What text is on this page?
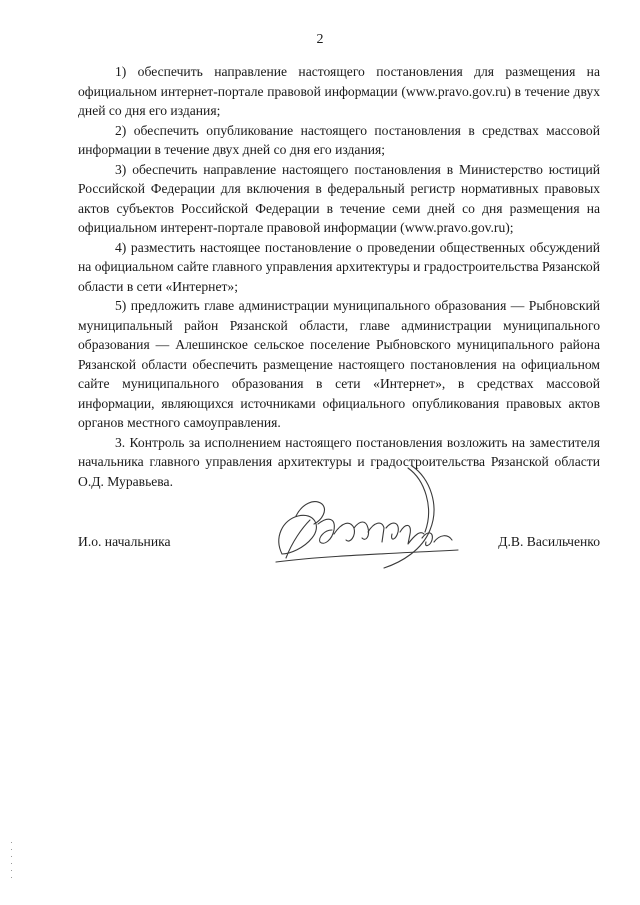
2

1) обеспечить направление настоящего постановления для размещения на официальном интернет-портале правовой информации (www.pravo.gov.ru) в течение двух дней со дня его издания;

2) обеспечить опубликование настоящего постановления в средствах массовой информации в течение двух дней со дня его издания;

3) обеспечить направление настоящего постановления в Министерство юстиций Российской Федерации для включения в федеральный регистр нормативных правовых актов субъектов Российской Федерации в течение семи дней со дня размещения на официальном интерент-портале правовой информации (www.pravo.gov.ru);

4) разместить настоящее постановление о проведении общественных обсуждений на официальном сайте главного управления архитектуры и градостроительства Рязанской области в сети «Интернет»;

5) предложить главе администрации муниципального образования — Рыбновский муниципальный район Рязанской области, главе администрации муниципального образования — Алешинское сельское поселение Рыбновского муниципального района Рязанской области обеспечить размещение настоящего постановления на официальном сайте муниципального образования в сети «Интернет», в средствах массовой информации, являющихся источниками официального опубликования правовых актов органов местного самоуправления.

3. Контроль за исполнением настоящего постановления возложить на заместителя начальника главного управления архитектуры и градостроительства Рязанской области О.Д. Муравьева.

И.о. начальника	Д.В. Васильченко
